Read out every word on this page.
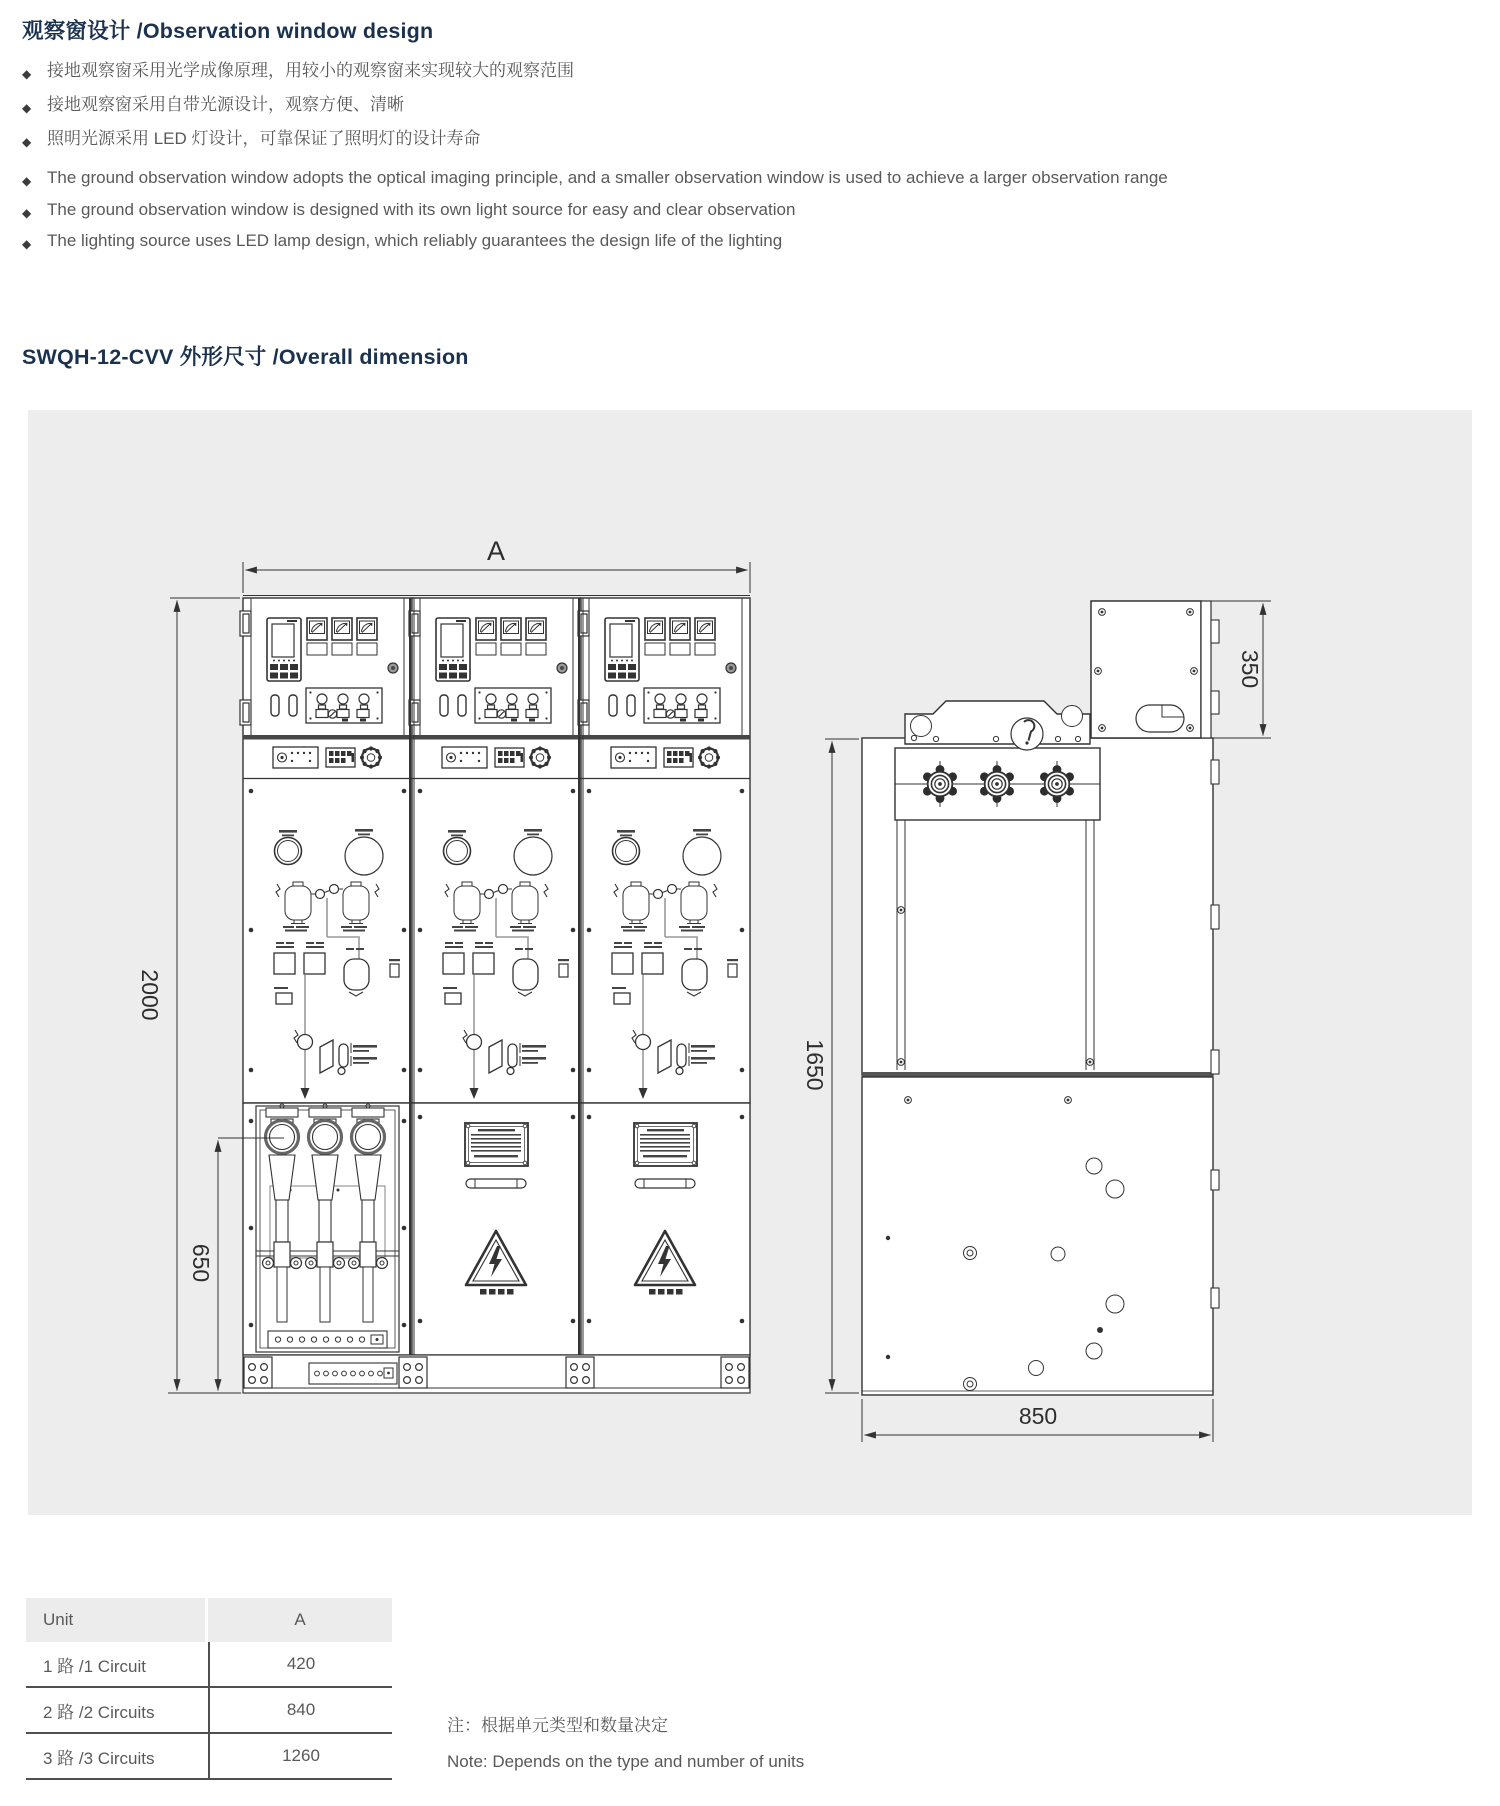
观察窗设计 /Observation window design
◆ 接地观察窗采用光学成像原理，用较小的观察窗来实现较大的观察范围
◆ 接地观察窗采用自带光源设计，观察方便、清晰
◆ 照明光源采用 LED 灯设计，可靠保证了照明灯的设计寿命
◆ The ground observation window adopts the optical imaging principle, and a smaller observation window is used to achieve a larger observation range
◆ The ground observation window is designed with its own light source for easy and clear observation
◆ The lighting source uses LED lamp design, which reliably guarantees the design life of the lighting
SWQH-12-CVV 外形尺寸 /Overall dimension
A
2000
650
350
1650
850
Unit	A
1 路 /1 Circuit	420
2 路 /2 Circuits	840
3 路 /3 Circuits	1260
注：根据单元类型和数量决定
Note: Depends on the type and number of units
